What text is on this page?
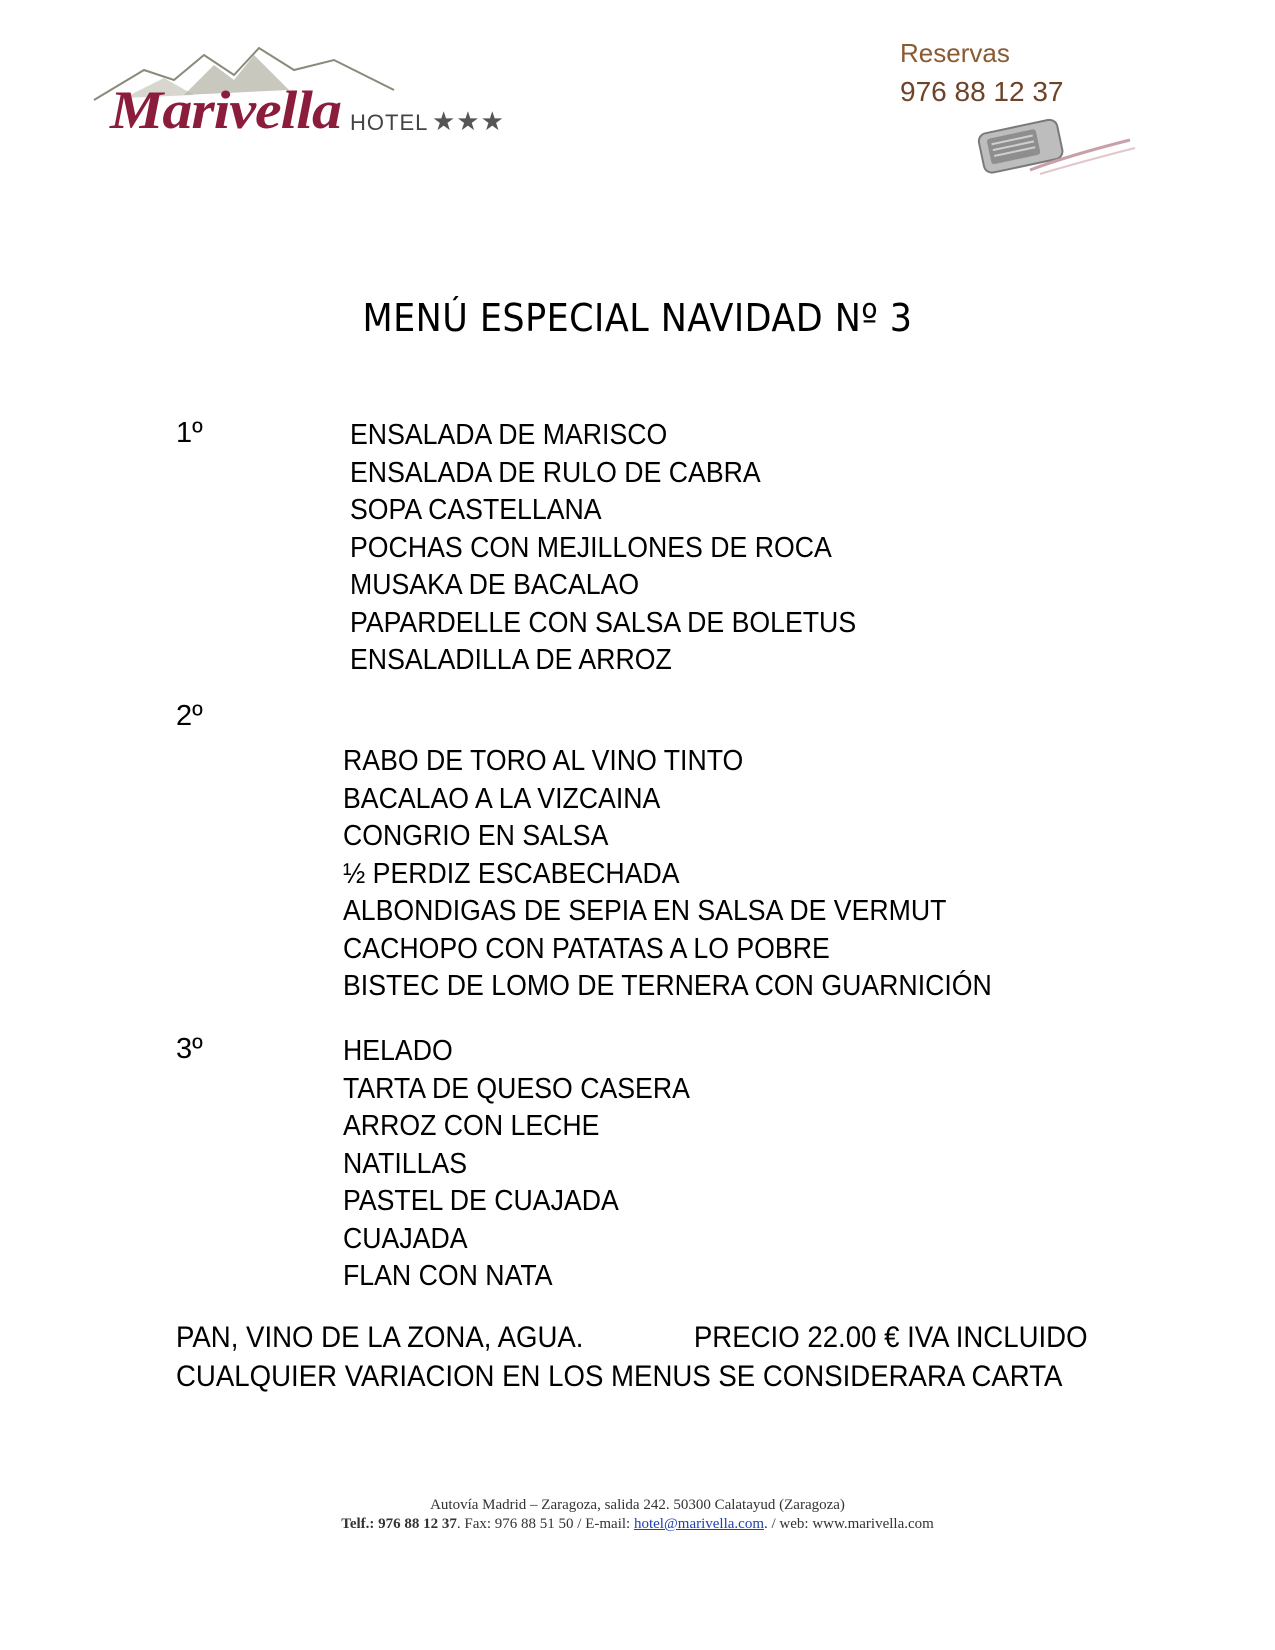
Marivella HOTEL ★★★
Reservas
976 88 12 37
MENÚ ESPECIAL NAVIDAD Nº 3
1º	ENSALADA DE MARISCO
ENSALADA DE RULO DE CABRA
SOPA CASTELLANA
POCHAS CON MEJILLONES DE ROCA
MUSAKA DE BACALAO
PAPARDELLE CON SALSA DE BOLETUS
ENSALADILLA DE ARROZ
2º
RABO DE TORO AL VINO TINTO
BACALAO A LA VIZCAINA
CONGRIO EN SALSA
½ PERDIZ ESCABECHADA
ALBONDIGAS DE SEPIA EN SALSA DE VERMUT
CACHOPO CON PATATAS A LO POBRE
BISTEC DE LOMO DE TERNERA CON GUARNICIÓN
3º	HELADO
TARTA DE QUESO CASERA
ARROZ CON LECHE
NATILLAS
PASTEL DE CUAJADA
CUAJADA
FLAN CON NATA
PAN, VINO DE LA ZONA, AGUA.	PRECIO 22.00 € IVA INCLUIDO
CUALQUIER VARIACION EN LOS MENUS SE CONSIDERARA CARTA
Autovía Madrid – Zaragoza, salida 242. 50300 Calatayud (Zaragoza)
Telf.: 976 88 12 37. Fax: 976 88 51 50 / E-mail: hotel@marivella.com. / web: www.marivella.com
